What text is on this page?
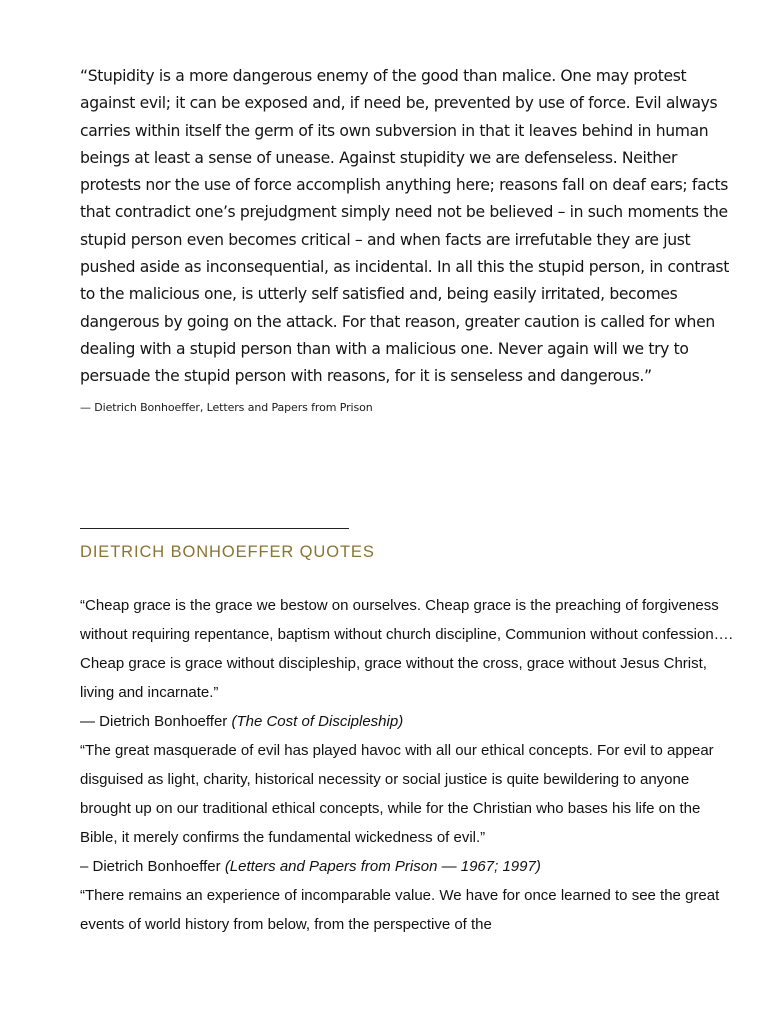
“Stupidity is a more dangerous enemy of the good than malice. One may protest against evil; it can be exposed and, if need be, prevented by use of force. Evil always carries within itself the germ of its own subversion in that it leaves behind in human beings at least a sense of unease. Against stupidity we are defenseless. Neither protests nor the use of force accomplish anything here; reasons fall on deaf ears; facts that contradict one’s prejudgment simply need not be believed – in such moments the stupid person even becomes critical – and when facts are irrefutable they are just pushed aside as inconsequential, as incidental. In all this the stupid person, in contrast to the malicious one, is utterly self satisfied and, being easily irritated, becomes dangerous by going on the attack. For that reason, greater caution is called for when dealing with a stupid person than with a malicious one. Never again will we try to persuade the stupid person with reasons, for it is senseless and dangerous.”

— Dietrich Bonhoeffer, Letters and Papers from Prison
DIETRICH BONHOEFFER QUOTES

“Cheap grace is the grace we bestow on ourselves. Cheap grace is the preaching of forgiveness without requiring repentance, baptism without church discipline, Communion without confession…. Cheap grace is grace without discipleship, grace without the cross, grace without Jesus Christ, living and incarnate.”

— Dietrich Bonhoeffer (The Cost of Discipleship)

“The great masquerade of evil has played havoc with all our ethical concepts. For evil to appear disguised as light, charity, historical necessity or social justice is quite bewildering to anyone brought up on our traditional ethical concepts, while for the Christian who bases his life on the Bible, it merely confirms the fundamental wickedness of evil.”

– Dietrich Bonhoeffer (Letters and Papers from Prison — 1967; 1997)

“There remains an experience of incomparable value. We have for once learned to see the great events of world history from below, from the perspective of the
